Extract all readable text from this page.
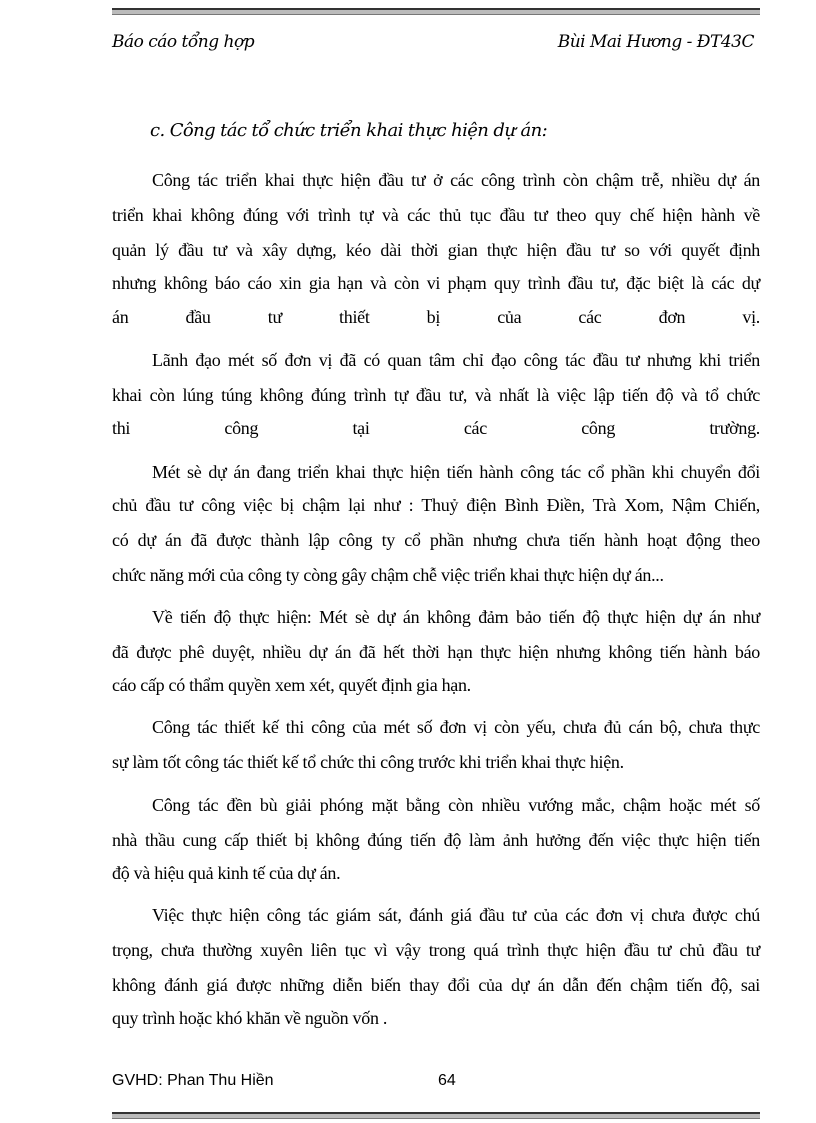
Báo cáo tổng hợp	Bùi Mai Hương - ĐT43C
c. Công tác tổ chức triển khai thực hiện dự án:
Công tác triển khai thực hiện đầu tư ở các công trình còn chậm trễ, nhiều dự án
triển khai không đúng với trình tự và các thủ tục đầu tư theo quy chế hiện hành về
quản lý đầu tư và xây dựng, kéo dài thời gian thực hiện đầu tư so với quyết định
nhưng không báo cáo xin gia hạn và còn vi phạm quy trình đầu tư, đặc biệt là các dự
án đầu tư thiết bị của các đơn vị.
Lãnh đạo mét số đơn vị đã có quan tâm chỉ đạo công tác đầu tư nhưng khi triển
khai còn lúng túng không đúng trình tự đầu tư, và nhất là việc lập tiến độ và tổ chức
thi công tại các công trường.
Mét sè dự án đang triển khai thực hiện tiến hành công tác cổ phần khi chuyển đổi
chủ đầu tư công việc bị chậm lại như : Thuỷ điện Bình Điền, Trà Xom, Nậm Chiến,
có dự án đã được thành lập công ty cổ phần nhưng chưa tiến hành hoạt động theo
chức năng mới của công ty còng gây chậm chễ việc triển khai thực hiện dự án...
Về tiến độ thực hiện: Mét sè dự án không đảm bảo tiến độ thực hiện dự án như
đã được phê duyệt, nhiều dự án đã hết thời hạn thực hiện nhưng không tiến hành báo
cáo cấp có thẩm quyền xem xét, quyết định gia hạn.
Công tác thiết kế thi công của mét số đơn vị còn yếu, chưa đủ cán bộ, chưa thực
sự làm tốt công tác thiết kế tổ chức thi công trước khi triển khai thực hiện.
Công tác đền bù giải phóng mặt bằng còn nhiều vướng mắc, chậm hoặc mét số
nhà thầu cung cấp thiết bị không đúng tiến độ làm ảnh hưởng đến việc thực hiện tiến
độ và hiệu quả kinh tế của dự án.
Việc thực hiện công tác giám sát, đánh giá đầu tư của các đơn vị chưa được chú
trọng, chưa thường xuyên liên tục vì vậy trong quá trình thực hiện đầu tư chủ đầu tư
không đánh giá được những diễn biến thay đổi của dự án dẫn đến chậm tiến độ, sai
quy trình hoặc khó khăn về nguồn vốn .
GVHD: Phan Thu Hiền	64
